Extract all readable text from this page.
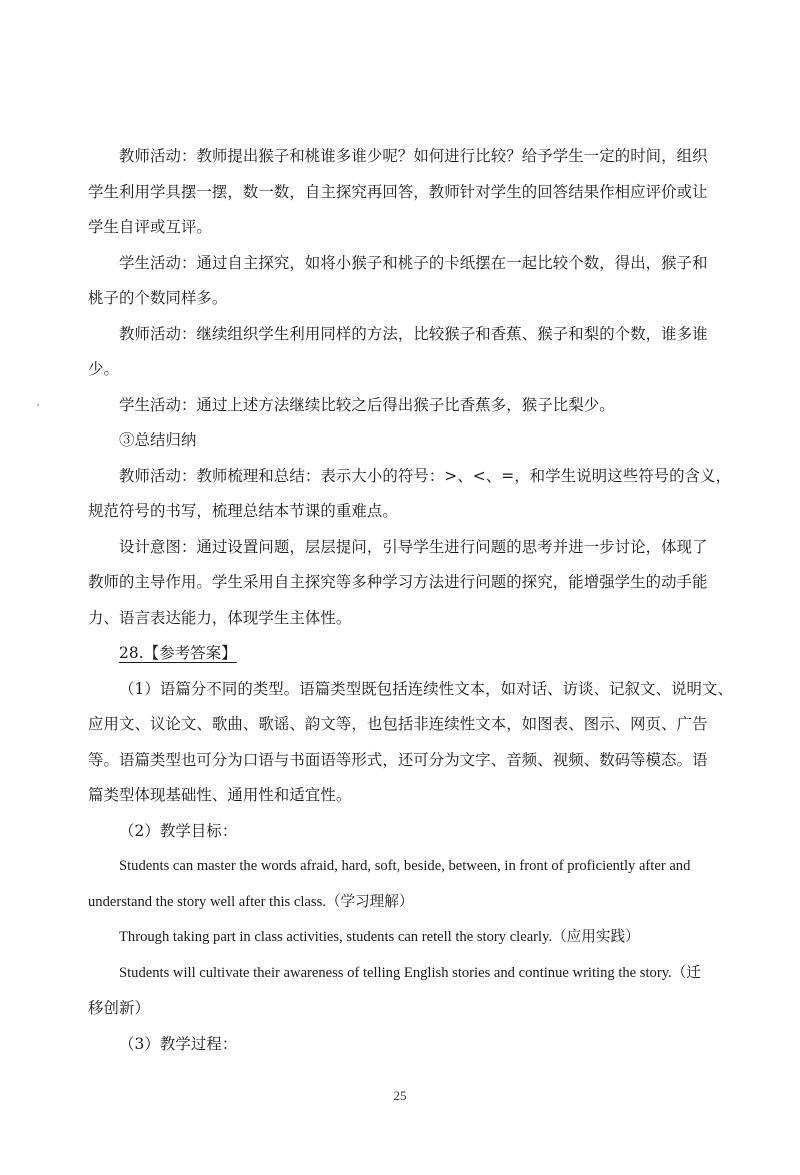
教师活动：教师提出猴子和桃谁多谁少呢？如何进行比较？给予学生一定的时间，组织
学生利用学具摆一摆，数一数，自主探究再回答，教师针对学生的回答结果作相应评价或让
学生自评或互评。
学生活动：通过自主探究，如将小猴子和桃子的卡纸摆在一起比较个数，得出，猴子和
桃子的个数同样多。
教师活动：继续组织学生利用同样的方法，比较猴子和香蕉、猴子和梨的个数，谁多谁
少。
学生活动：通过上述方法继续比较之后得出猴子比香蕉多，猴子比梨少。
③总结归纳
教师活动：教师梳理和总结：表示大小的符号：>、<、=，和学生说明这些符号的含义，
规范符号的书写，梳理总结本节课的重难点。
设计意图：通过设置问题，层层提问，引导学生进行问题的思考并进一步讨论，体现了
教师的主导作用。学生采用自主探究等多种学习方法进行问题的探究，能增强学生的动手能
力、语言表达能力，体现学生主体性。
28.【参考答案】
（1）语篇分不同的类型。语篇类型既包括连续性文本，如对话、访谈、记叙文、说明文、
应用文、议论文、歌曲、歌谣、韵文等，也包括非连续性文本，如图表、图示、网页、广告
等。语篇类型也可分为口语与书面语等形式，还可分为文字、音频、视频、数码等模态。语
篇类型体现基础性、通用性和适宜性。
（2）教学目标：
Students can master the words afraid, hard, soft, beside, between, in front of proficiently after and
understand the story well after this class.（学习理解）
Through taking part in class activities, students can retell the story clearly.（应用实践）
Students will cultivate their awareness of telling English stories and continue writing the story.（迁
移创新）
（3）教学过程：
25
